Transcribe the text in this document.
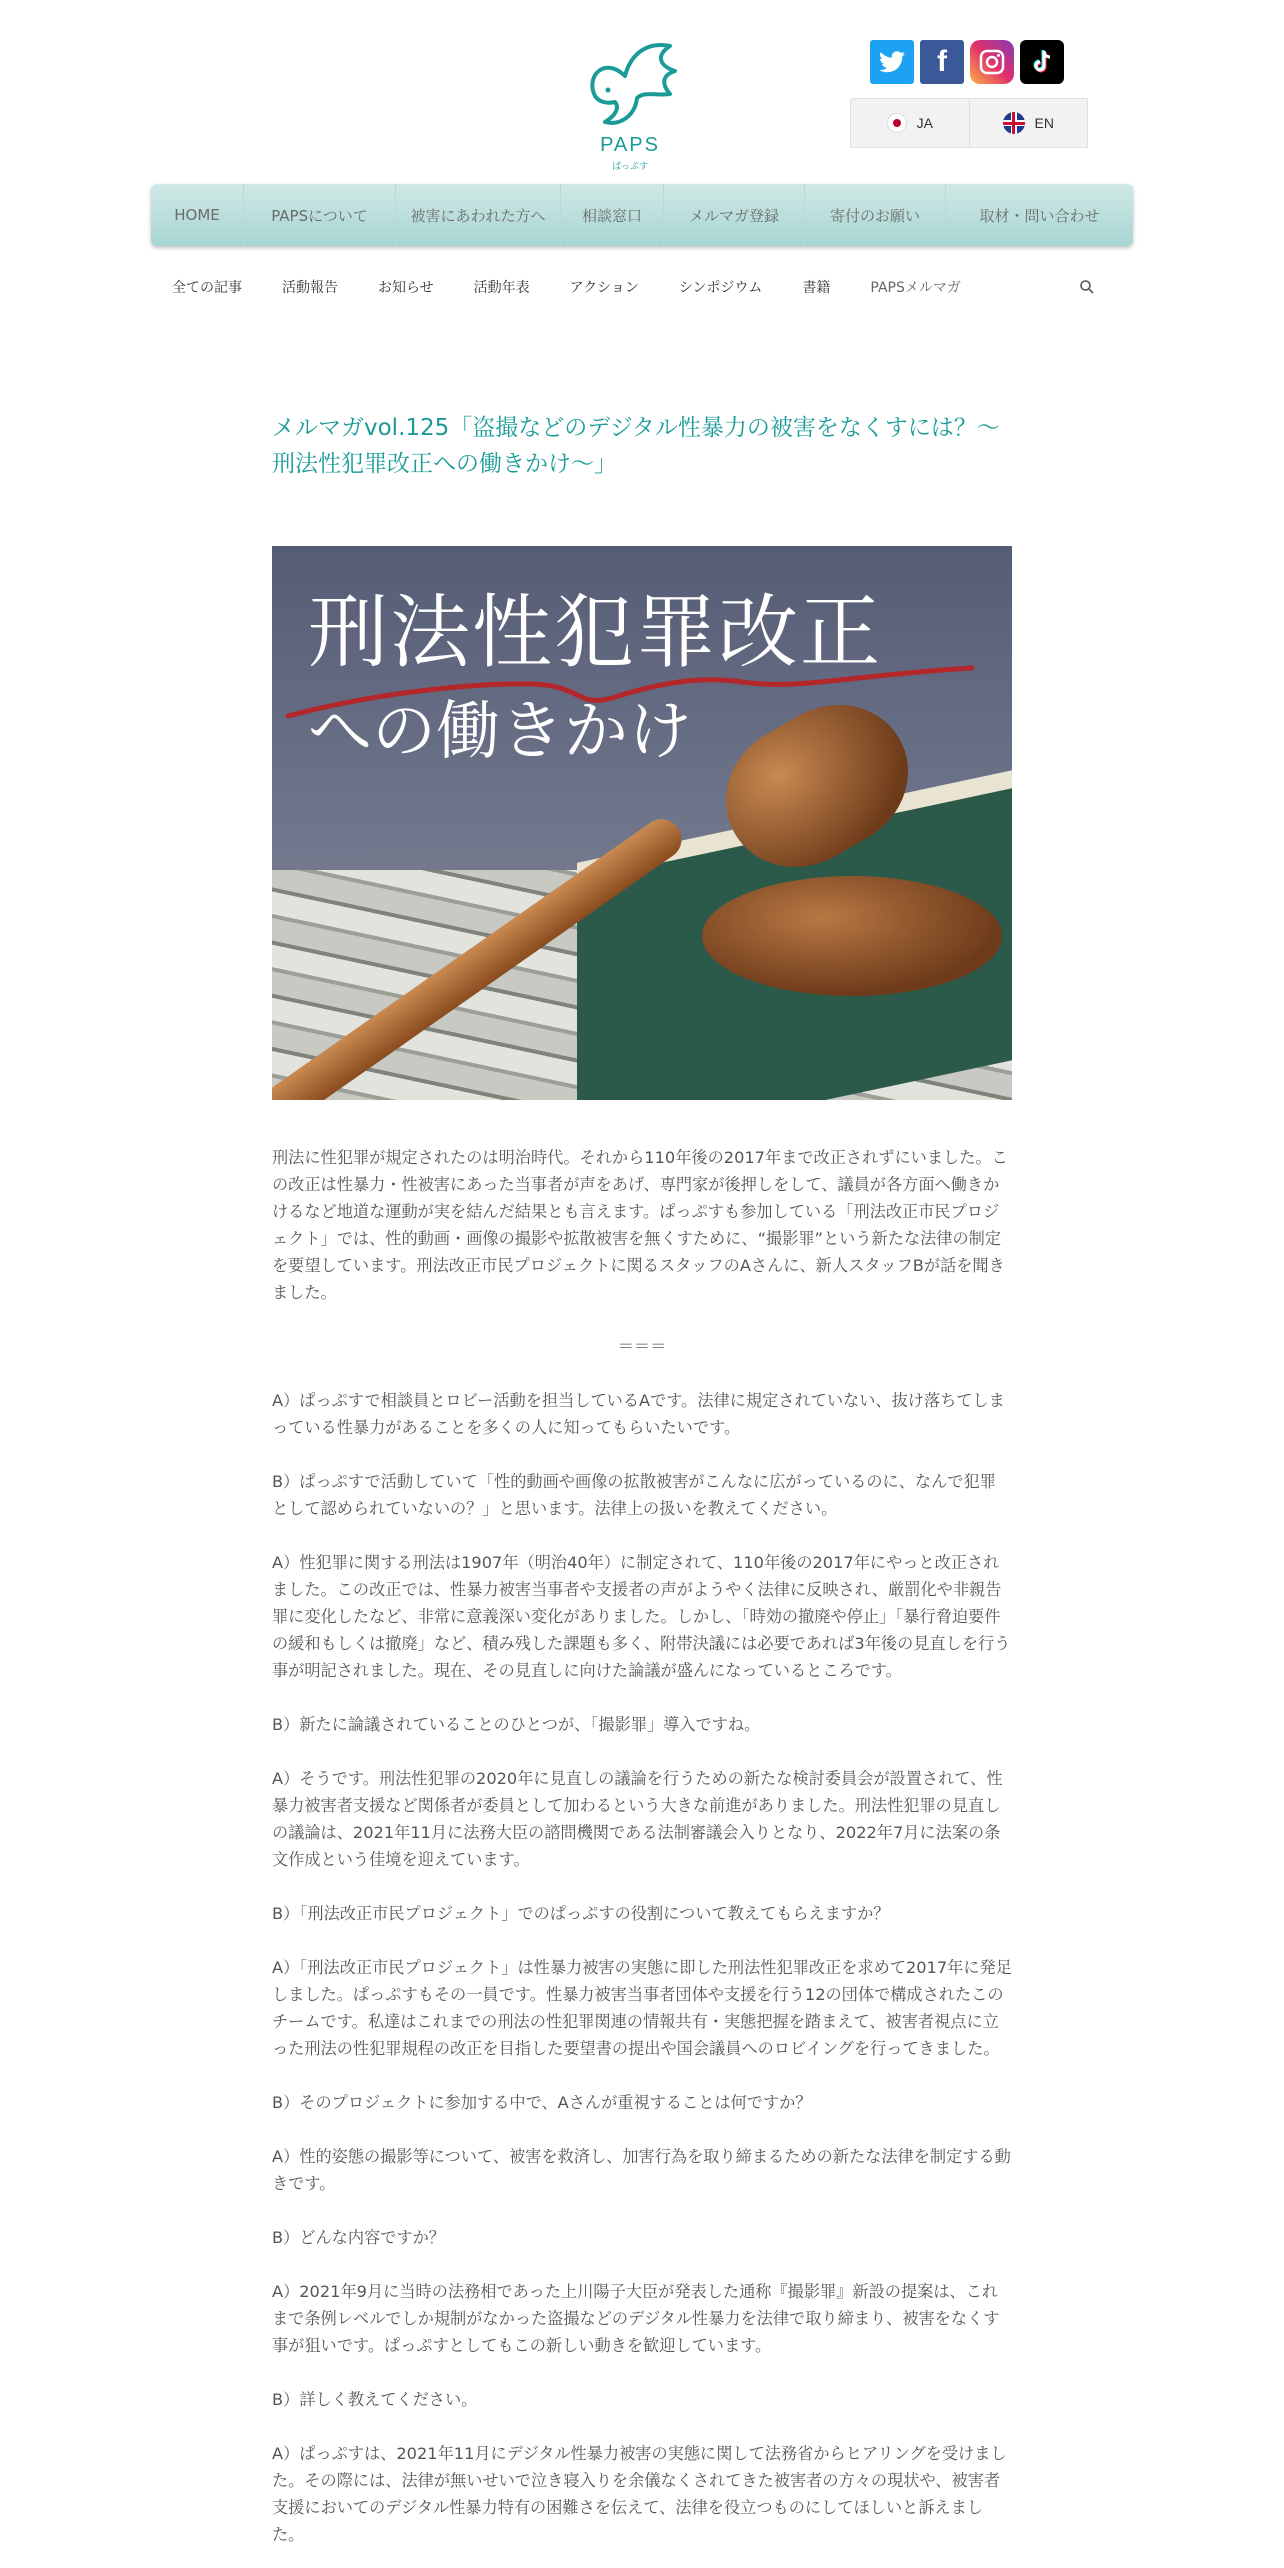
PAPS
ぱっぷす
f
JA	EN
HOME	PAPSについて	被害にあわれた方へ	相談窓口	メルマガ登録	寄付のお願い	取材・問い合わせ
全ての記事	活動報告	お知らせ	活動年表	アクション	シンポジウム	書籍	PAPSメルマガ
メルマガvol.125「盗撮などのデジタル性暴力の被害をなくすには？～刑法性犯罪改正への働きかけ～」
刑法性犯罪改正
への働きかけ

刑法に性犯罪が規定されたのは明治時代。それから110年後の2017年まで改正されずにいました。この改正は性暴力・性被害にあった当事者が声をあげ、専門家が後押しをして、議員が各方面へ働きかけるなど地道な運動が実を結んだ結果とも言えます。ぱっぷすも参加している「刑法改正市民プロジェクト」では、性的動画・画像の撮影や拡散被害を無くすために、“撮影罪”という新たな法律の制定を要望しています。刑法改正市民プロジェクトに関るスタッフのAさんに、新人スタッフBが話を聞きました。

＝＝＝

A）ぱっぷすで相談員とロビー活動を担当しているAです。法律に規定されていない、抜け落ちてしまっている性暴力があることを多くの人に知ってもらいたいです。

B）ぱっぷすで活動していて「性的動画や画像の拡散被害がこんなに広がっているのに、なんで犯罪として認められていないの？」と思います。法律上の扱いを教えてください。

A）性犯罪に関する刑法は1907年（明治40年）に制定されて、110年後の2017年にやっと改正されました。この改正では、性暴力被害当事者や支援者の声がようやく法律に反映され、厳罰化や非親告罪に変化したなど、非常に意義深い変化がありました。しかし、「時効の撤廃や停止」「暴行脅迫要件の緩和もしくは撤廃」など、積み残した課題も多く、附帯決議には必要であれば3年後の見直しを行う事が明記されました。現在、その見直しに向けた論議が盛んになっているところです。

B）新たに論議されていることのひとつが、「撮影罪」導入ですね。

A）そうです。刑法性犯罪の2020年に見直しの議論を行うための新たな検討委員会が設置されて、性暴力被害者支援など関係者が委員として加わるという大きな前進がありました。刑法性犯罪の見直しの議論は、2021年11月に法務大臣の諮問機関である法制審議会入りとなり、2022年7月に法案の条文作成という佳境を迎えています。

B）「刑法改正市民プロジェクト」でのぱっぷすの役割について教えてもらえますか？

A）「刑法改正市民プロジェクト」は性暴力被害の実態に即した刑法性犯罪改正を求めて2017年に発足しました。ぱっぷすもその一員です。性暴力被害当事者団体や支援を行う12の団体で構成されたこのチームです。私達はこれまでの刑法の性犯罪関連の情報共有・実態把握を踏まえて、被害者視点に立った刑法の性犯罪規程の改正を目指した要望書の提出や国会議員へのロビイングを行ってきました。

B）そのプロジェクトに参加する中で、Aさんが重視することは何ですか？

A）性的姿態の撮影等について、被害を救済し、加害行為を取り締まるための新たな法律を制定する動きです。

B）どんな内容ですか？

A）2021年9月に当時の法務相であった上川陽子大臣が発表した通称『撮影罪』新設の提案は、これまで条例レベルでしか規制がなかった盗撮などのデジタル性暴力を法律で取り締まり、被害をなくす事が狙いです。ぱっぷすとしてもこの新しい動きを歓迎しています。

B）詳しく教えてください。

A）ぱっぷすは、2021年11月にデジタル性暴力被害の実態に関して法務省からヒアリングを受けました。その際には、法律が無いせいで泣き寝入りを余儀なくされてきた被害者の方々の現状や、被害者支援においてのデジタル性暴力特有の困難さを伝えて、法律を役立つものにしてほしいと訴えました。
